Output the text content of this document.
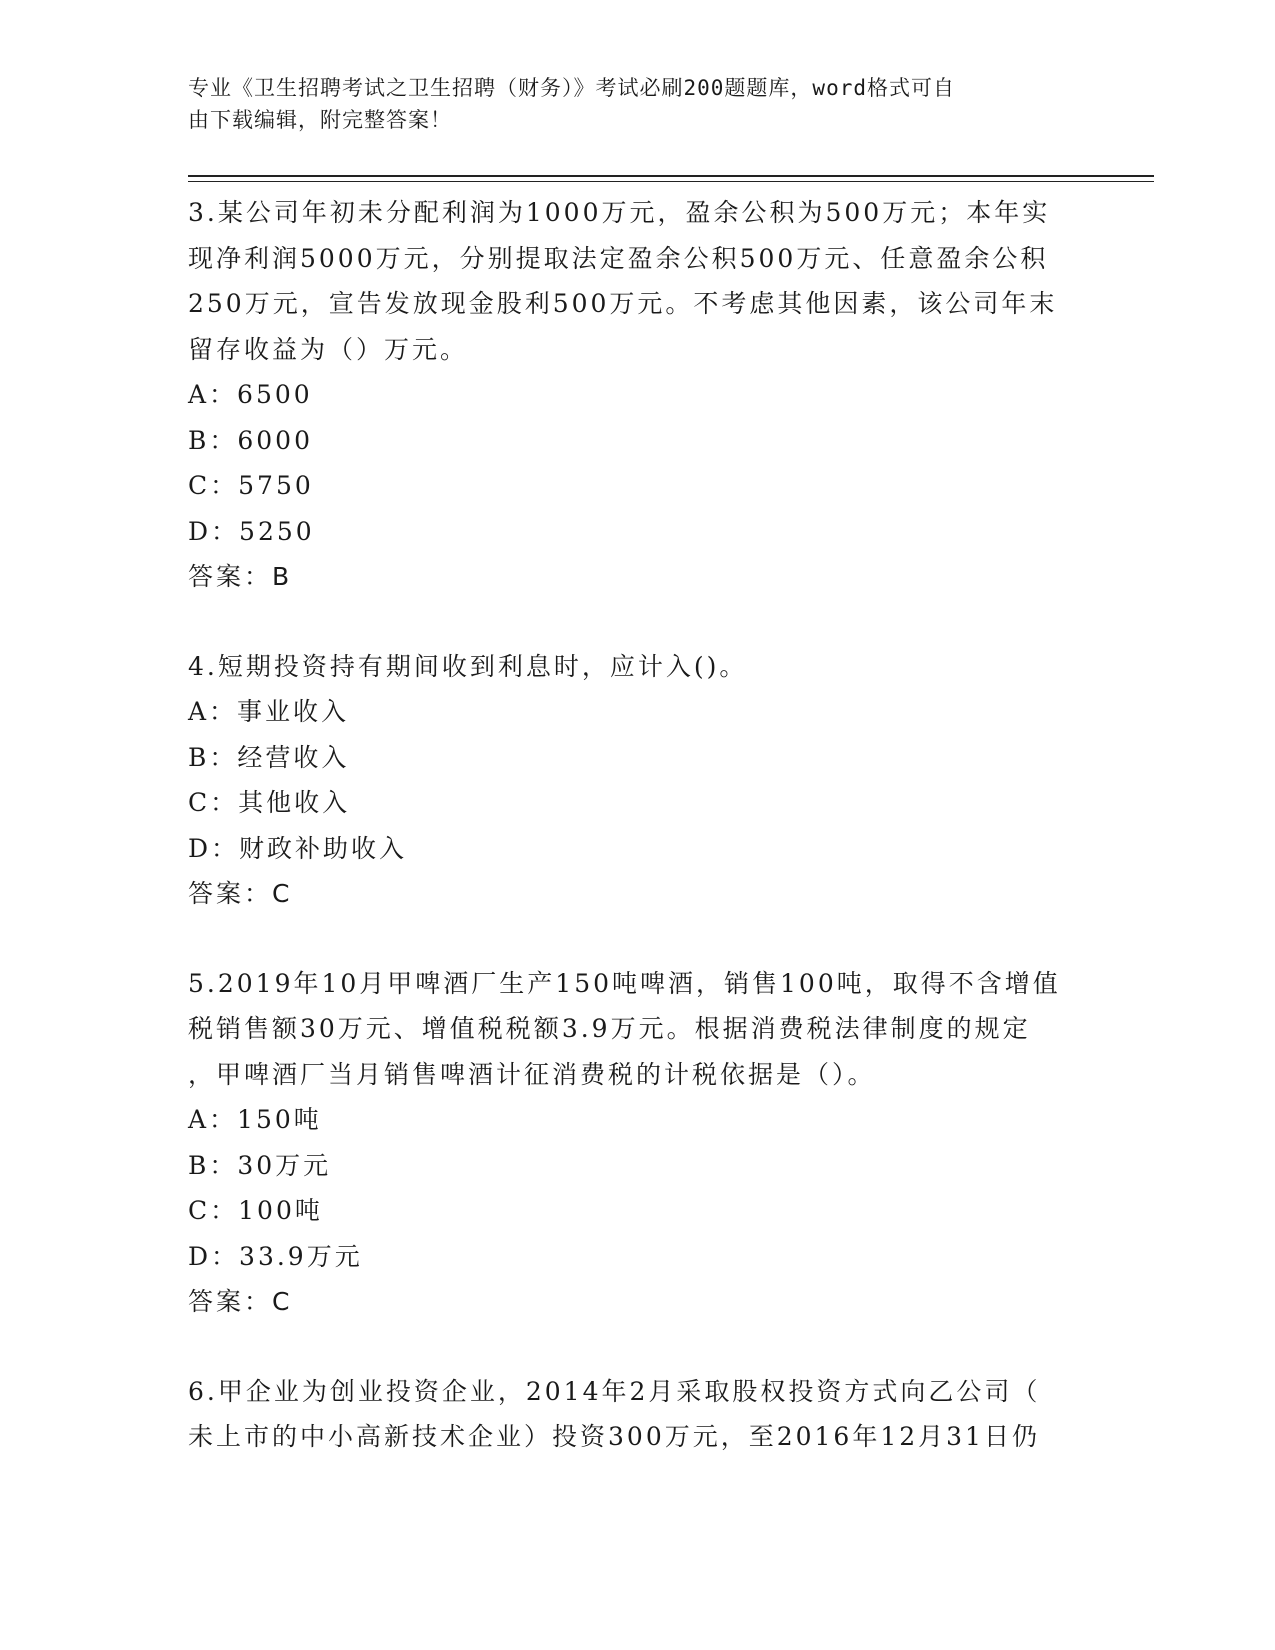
专业《卫生招聘考试之卫生招聘（财务）》考试必刷200题题库，word格式可自
由下载编辑，附完整答案！
3.某公司年初未分配利润为1000万元，盈余公积为500万元；本年实
现净利润5000万元，分别提取法定盈余公积500万元、任意盈余公积
250万元，宣告发放现金股利500万元。不考虑其他因素，该公司年末
留存收益为（）万元。
A：6500
B：6000
C：5750
D：5250
答案：B
4.短期投资持有期间收到利息时，应计入()。
A：事业收入
B：经营收入
C：其他收入
D：财政补助收入
答案：C
5.2019年10月甲啤酒厂生产150吨啤酒，销售100吨，取得不含增值
税销售额30万元、增值税税额3.9万元。根据消费税法律制度的规定
，甲啤酒厂当月销售啤酒计征消费税的计税依据是（）。
A：150吨
B：30万元
C：100吨
D：33.9万元
答案：C
6.甲企业为创业投资企业，2014年2月采取股权投资方式向乙公司（
未上市的中小高新技术企业）投资300万元，至2016年12月31日仍
